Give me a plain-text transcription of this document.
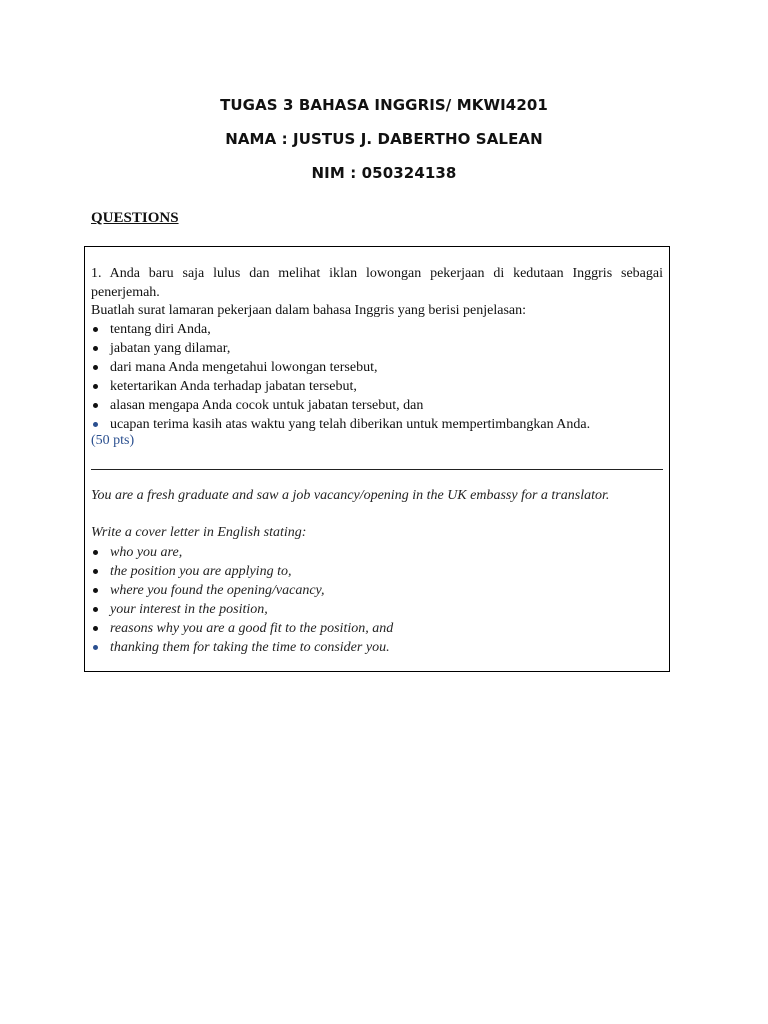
TUGAS 3 BAHASA INGGRIS/ MKWI4201
NAMA : JUSTUS J. DABERTHO SALEAN
NIM : 050324138
QUESTIONS
1. Anda baru saja lulus dan melihat iklan lowongan pekerjaan di kedutaan Inggris sebagai penerjemah.
Buatlah surat lamaran pekerjaan dalam bahasa Inggris yang berisi penjelasan:
tentang diri Anda,
jabatan yang dilamar,
dari mana Anda mengetahui lowongan tersebut,
ketertarikan Anda terhadap jabatan tersebut,
alasan mengapa Anda cocok untuk jabatan tersebut, dan
ucapan terima kasih atas waktu yang telah diberikan untuk mempertimbangkan Anda.
(50 pts)
You are a fresh graduate and saw a job vacancy/opening in the UK embassy for a translator.
Write a cover letter in English stating:
who you are,
the position you are applying to,
where you found the opening/vacancy,
your interest in the position,
reasons why you are a good fit to the position, and
thanking them for taking the time to consider you.
